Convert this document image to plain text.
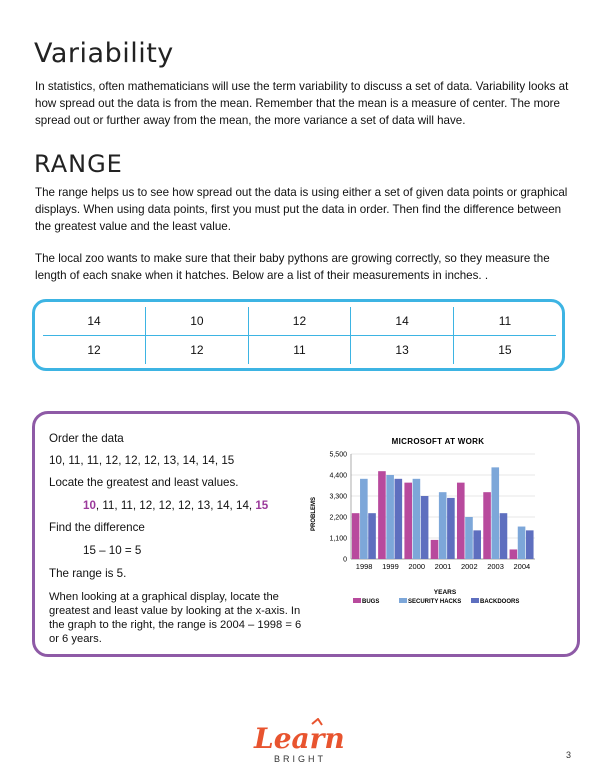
Variability

In statistics, often mathematicians will use the term variability to discuss a set of data. Variability looks at how spread out the data is from the mean. Remember that the mean is a measure of center. The more spread out or further away from the mean, the more variance a set of data will have.

RANGE

The range helps us to see how spread out the data is using either a set of given data points or graphical displays. When using data points, first you must put the data in order. Then find the difference between the greatest value and the least value.

The local zoo wants to make sure that their baby pythons are growing correctly, so they measure the length of each snake when it hatches. Below are a list of their measurements in inches. .

14	10	12	14	11
12	12	11	13	15
Order the data
10, 11, 11, 12, 12, 12, 13, 14, 14, 15
Locate the greatest and least values.
10, 11, 11, 12, 12, 12, 13, 14, 14, 15
Find the difference
15 – 10 = 5
The range is 5.

When looking at a graphical display, locate the greatest and least value by looking at the x-axis. In the graph to the right, the range is 2004 – 1998 = 6 or 6 years.

MICROSOFT AT WORK
PROBLEMS
0
1,100
2,200
3,300
4,400
5,500
1998 1999 2000 2001 2002 2003 2004
YEARS
BUGS	SECURITY HACKS	BACKDOORS
Learn
BRIGHT	3
